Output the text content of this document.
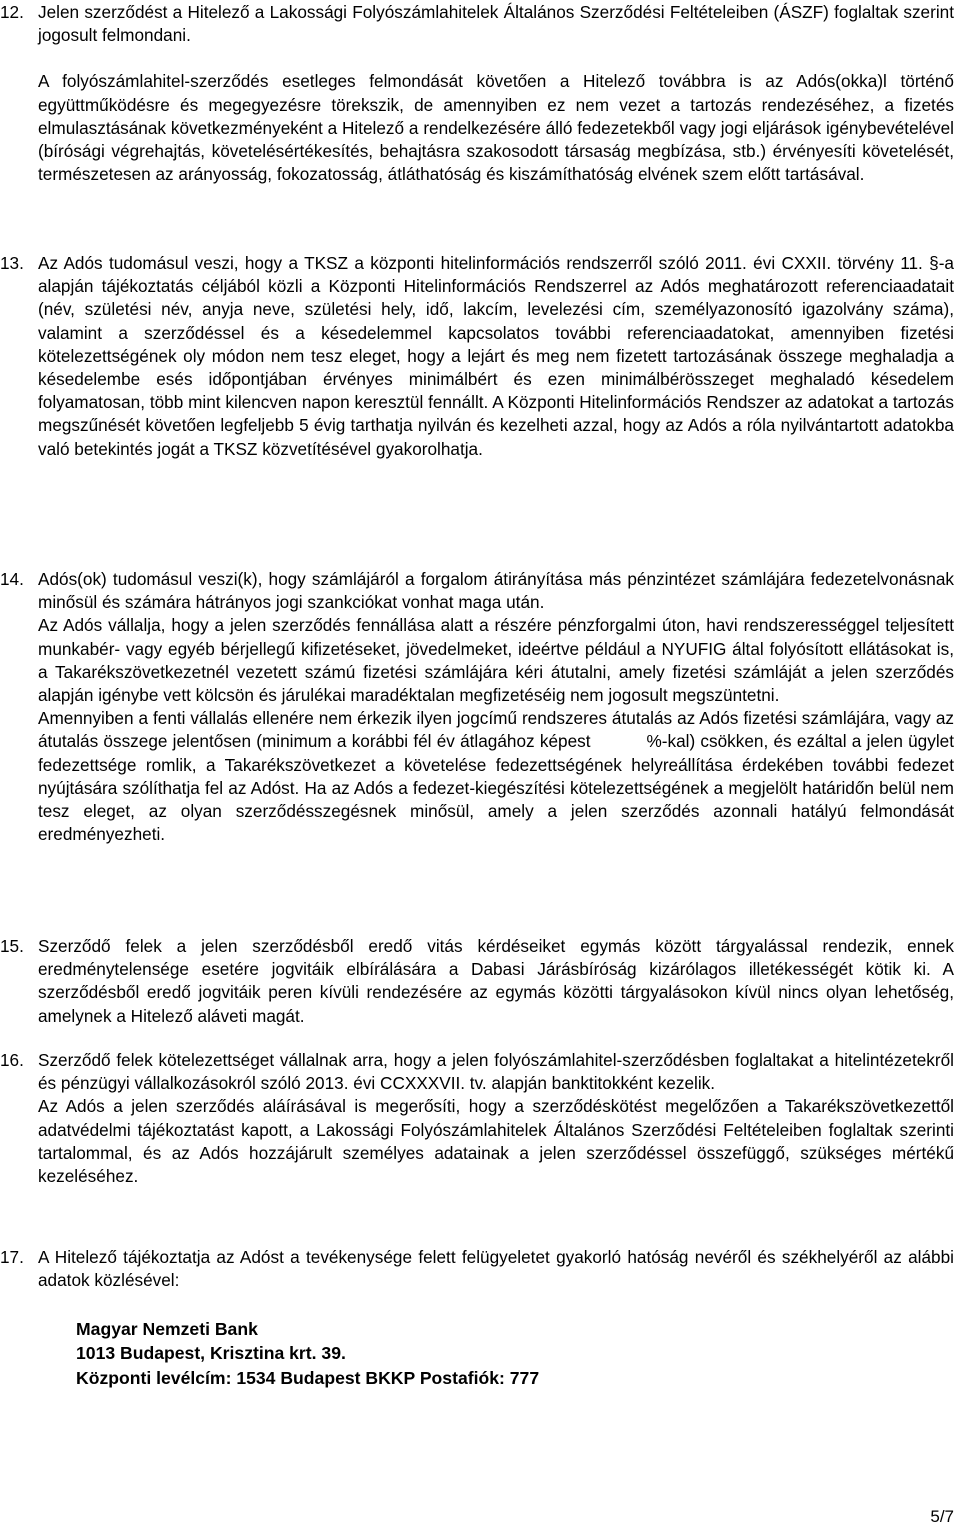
12. Jelen szerződést a Hitelező a Lakossági Folyószámlahitelek Általános Szerződési Feltételeiben (ÁSZF) foglaltak szerint jogosult felmondani.

A folyószámlahitel-szerződés esetleges felmondását követően a Hitelező továbbra is az Adós(okka)l történő együttműködésre és megegyezésre törekszik, de amennyiben ez nem vezet a tartozás rendezéséhez, a fizetés elmulasztásának következményeként a Hitelező a rendelkezésére álló fedezetekből vagy jogi eljárások igénybevételével (bírósági végrehajtás, követelésértékesítés, behajtásra szakosodott társaság megbízása, stb.) érvényesíti követelését, természetesen az arányosság, fokozatosság, átláthatóság és kiszámíthatóság elvének szem előtt tartásával.

13. Az Adós tudomásul veszi, hogy a TKSZ a központi hitelinformációs rendszerről szóló 2011. évi CXXII. törvény 11. §-a alapján tájékoztatás céljából közli a Központi Hitelinformációs Rendszerrel az Adós meghatározott referenciaadatait (név, születési név, anyja neve, születési hely, idő, lakcím, levelezési cím, személyazonosító igazolvány száma), valamint a szerződéssel és a késedelemmel kapcsolatos további referenciaadatokat, amennyiben fizetési kötelezettségének oly módon nem tesz eleget, hogy a lejárt és meg nem fizetett tartozásának összege meghaladja a késedelembe esés időpontjában érvényes minimálbért és ezen minimálbérösszeget meghaladó késedelem folyamatosan, több mint kilencven napon keresztül fennállt. A Központi Hitelinformációs Rendszer az adatokat a tartozás megszűnését követően legfeljebb 5 évig tarthatja nyilván és kezelheti azzal, hogy az Adós a róla nyilvántartott adatokba való betekintés jogát a TKSZ közvetítésével gyakorolhatja.

14. Adós(ok) tudomásul veszi(k), hogy számlájáról a forgalom átirányítása más pénzintézet számlájára fedezetelvonásnak minősül és számára hátrányos jogi szankciókat vonhat maga után.

Az Adós vállalja, hogy a jelen szerződés fennállása alatt a részére pénzforgalmi úton, havi rendszerességgel teljesített munkabér- vagy egyéb bérjellegű kifizetéseket, jövedelmeket, ideértve például a NYUFIG által folyósított ellátásokat is, a Takarékszövetkezetnél vezetett számú fizetési számlájára kéri átutalni, amely fizetési számláját a jelen szerződés alapján igénybe vett kölcsön és járulékai maradéktalan megfizetéséig nem jogosult megszüntetni.

Amennyiben a fenti vállalás ellenére nem érkezik ilyen jogcímű rendszeres átutalás az Adós fizetési számlájára, vagy az átutalás összege jelentősen (minimum a korábbi fél év átlagához képest	%-kal) csökken, és ezáltal a jelen ügylet fedezettsége romlik, a Takarékszövetkezet a követelése fedezettségének helyreállítása érdekében további fedezet nyújtására szólíthatja fel az Adóst. Ha az Adós a fedezet-kiegészítési kötelezettségének a megjelölt határidőn belül nem tesz eleget, az olyan szerződésszegésnek minősül, amely a jelen szerződés azonnali hatályú felmondását eredményezheti.

15. Szerződő felek a jelen szerződésből eredő vitás kérdéseiket egymás között tárgyalással rendezik, ennek eredménytelensége esetére jogvitáik elbírálására a Dabasi Járásbíróság kizárólagos illetékességét kötik ki. A szerződésből eredő jogvitáik peren kívüli rendezésére az egymás közötti tárgyalásokon kívül nincs olyan lehetőség, amelynek a Hitelező aláveti magát.

16. Szerződő felek kötelezettséget vállalnak arra, hogy a jelen folyószámlahitel-szerződésben foglaltakat a hitelintézetekről és pénzügyi vállalkozásokról szóló 2013. évi CCXXXVII. tv. alapján banktitokként kezelik.

Az Adós a jelen szerződés aláírásával is megerősíti, hogy a szerződéskötést megelőzően a Takarékszövetkezettől adatvédelmi tájékoztatást kapott, a Lakossági Folyószámlahitelek Általános Szerződési Feltételeiben foglaltak szerinti tartalommal, és az Adós hozzájárult személyes adatainak a jelen szerződéssel összefüggő, szükséges mértékű kezeléséhez.

17. A Hitelező tájékoztatja az Adóst a tevékenysége felett felügyeletet gyakorló hatóság nevéről és székhelyéről az alábbi adatok közlésével:

Magyar Nemzeti Bank
1013 Budapest, Krisztina krt. 39.
Központi levélcím: 1534 Budapest BKKP Postafiók: 777
5/7
